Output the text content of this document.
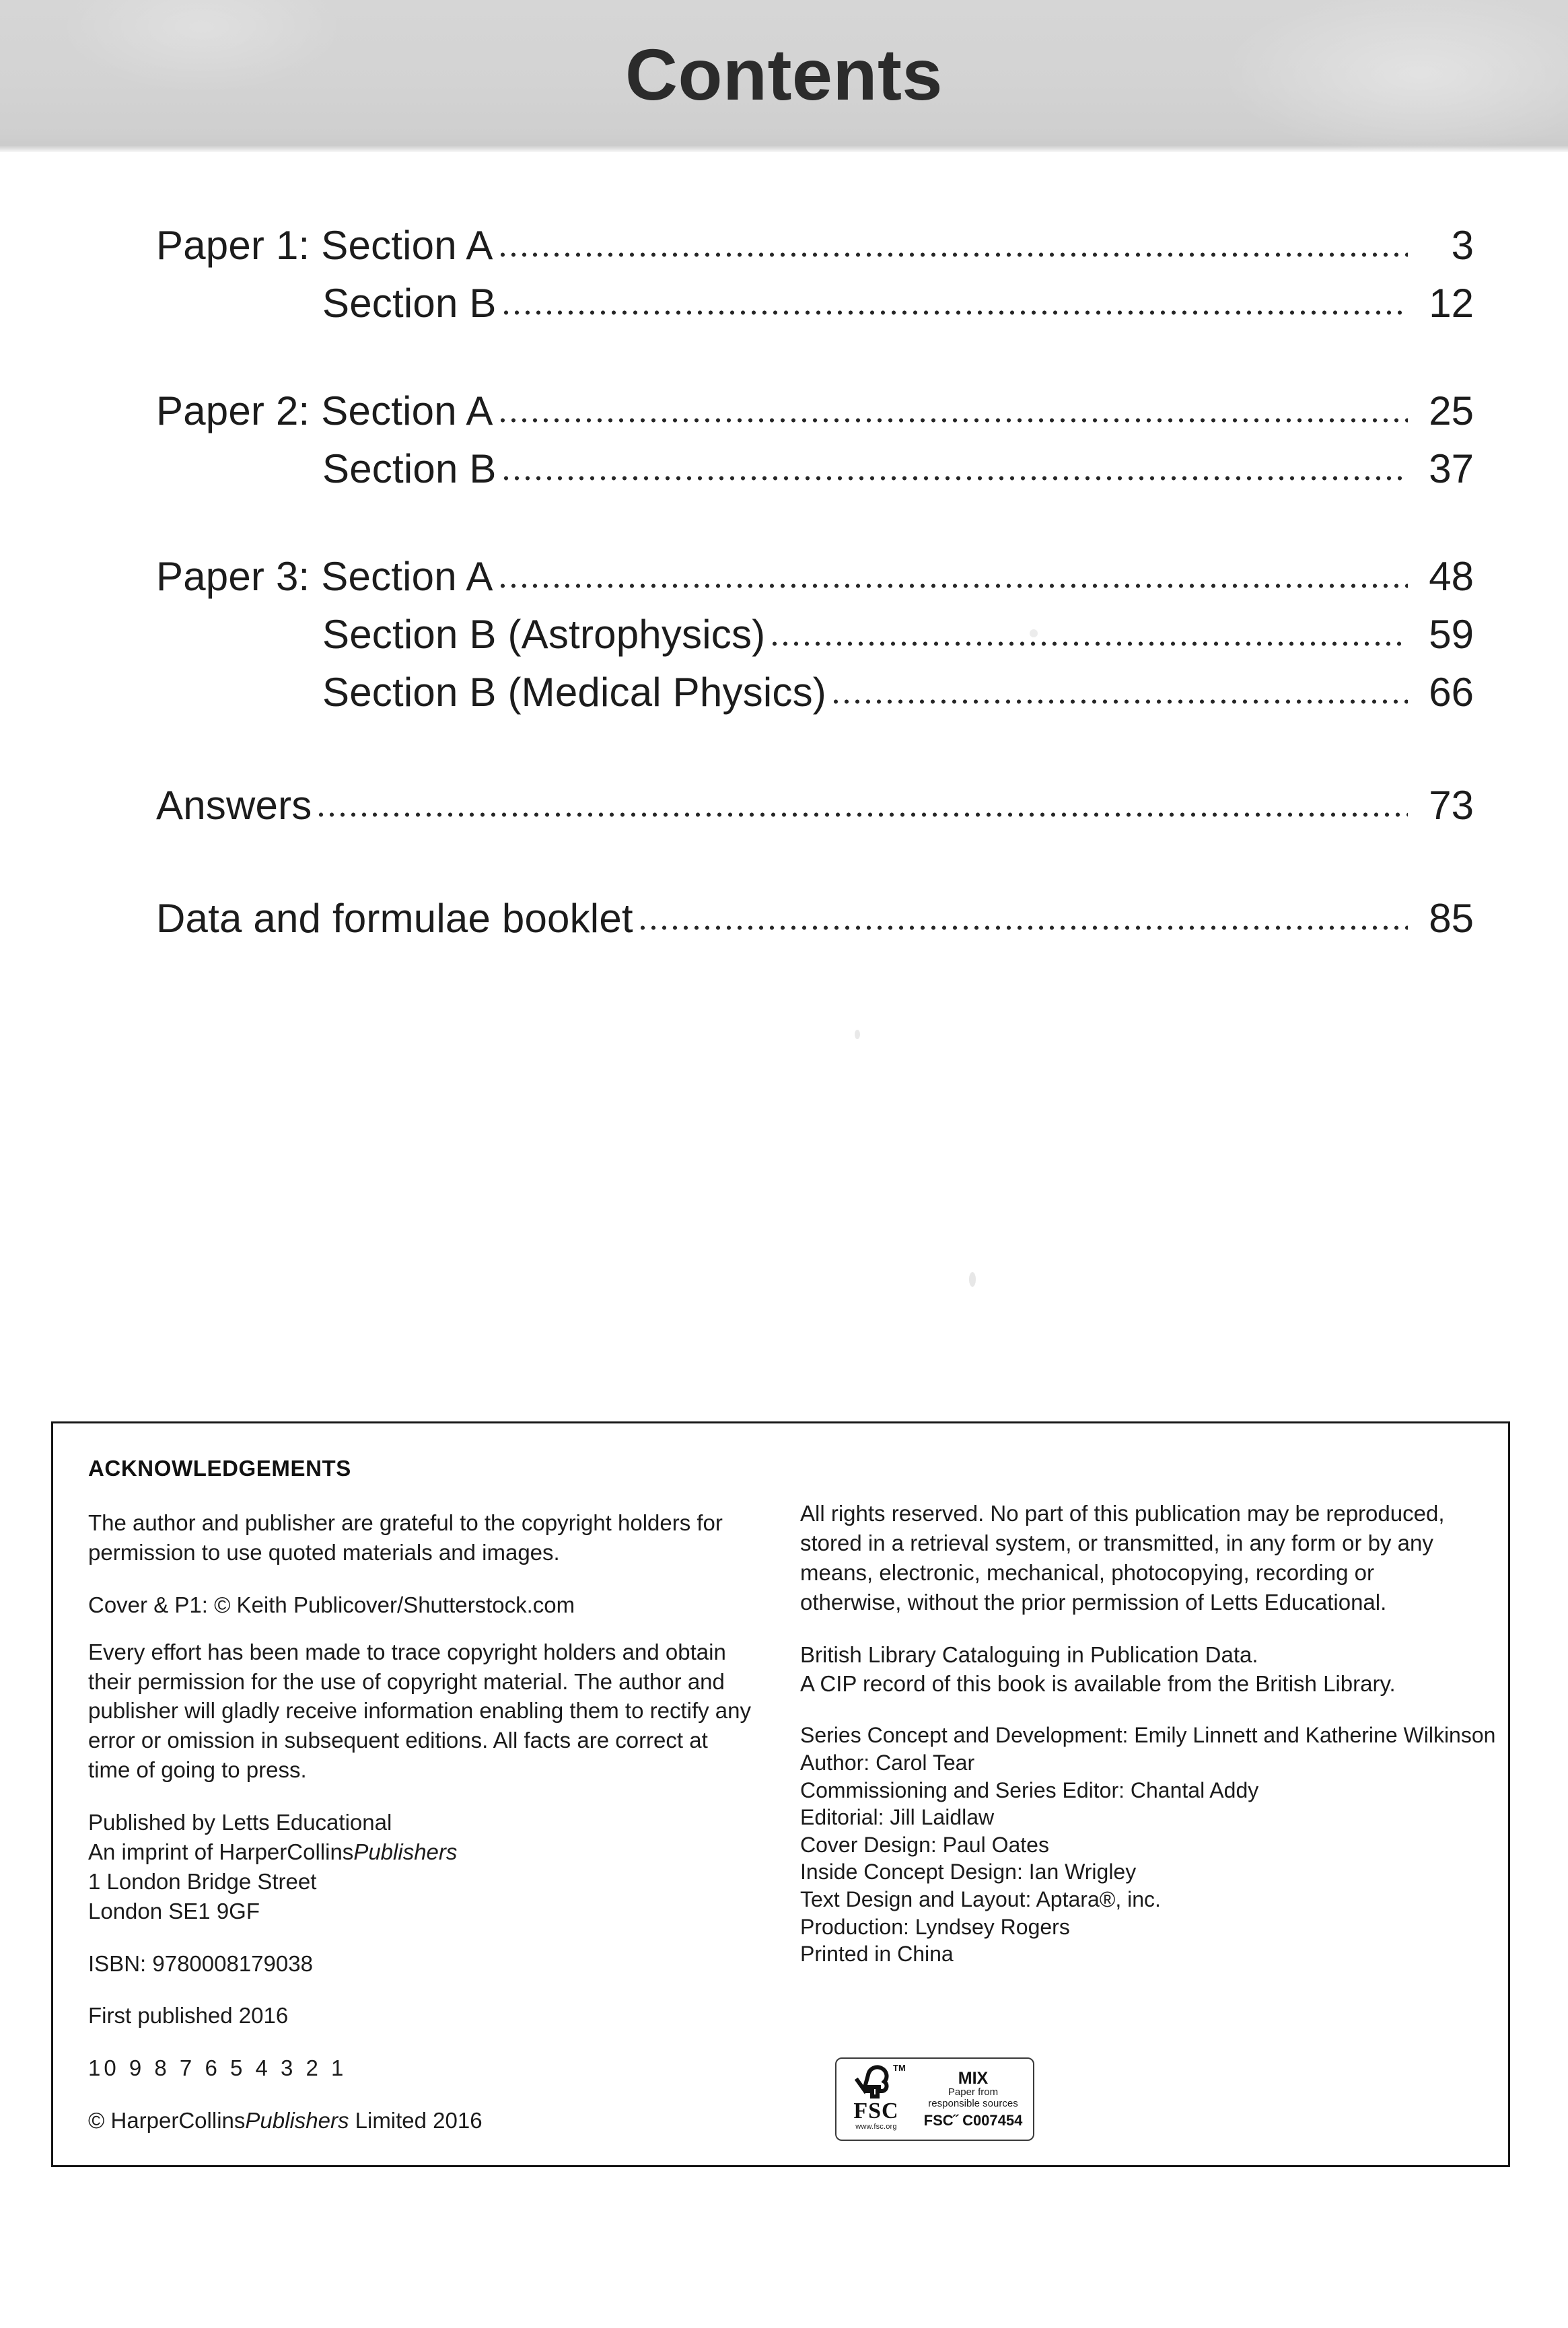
Contents
Paper 1: Section A	3
Section B	12
Paper 2: Section A	25
Section B	37
Paper 3: Section A	48
Section B (Astrophysics)	59
Section B (Medical Physics)	66
Answers	73
Data and formulae booklet	85
ACKNOWLEDGEMENTS

The author and publisher are grateful to the copyright holders for permission to use quoted materials and images.

Cover & P1: © Keith Publicover/Shutterstock.com

Every effort has been made to trace copyright holders and obtain their permission for the use of copyright material. The author and publisher will gladly receive information enabling them to rectify any error or omission in subsequent editions. All facts are correct at time of going to press.

Published by Letts Educational
An imprint of HarperCollinsPublishers
1 London Bridge Street
London SE1 9GF

ISBN: 9780008179038

First published 2016

10 9 8 7 6 5 4 3 2 1

© HarperCollinsPublishers Limited 2016

All rights reserved. No part of this publication may be reproduced, stored in a retrieval system, or transmitted, in any form or by any means, electronic, mechanical, photocopying, recording or otherwise, without the prior permission of Letts Educational.

British Library Cataloguing in Publication Data.
A CIP record of this book is available from the British Library.
Series Concept and Development: Emily Linnett and Katherine Wilkinson
Author: Carol Tear
Commissioning and Series Editor: Chantal Addy
Editorial: Jill Laidlaw
Cover Design: Paul Oates
Inside Concept Design: Ian Wrigley
Text Design and Layout: Aptara®, inc.
Production: Lyndsey Rogers
Printed in China
TM
FSC
www.fsc.org
MIX
Paper from
responsible sources
FSC˝ C007454
